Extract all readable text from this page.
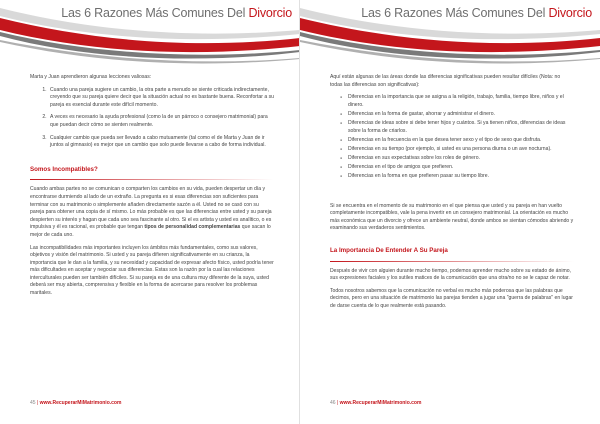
Las 6 Razones Más Comunes Del Divorcio

Marta y Juan aprendieron algunas lecciones valiosas:

1. Cuando una pareja sugiere un cambio, la otra parte a menudo se siente criticada indirectamente, creyendo que su pareja quiere decir que la situación actual no es bastante buena. Reconfortar a su pareja es esencial durante este difícil momento.
2. A veces es necesario la ayuda profesional (como la de un párroco o consejero matrimonial) para que puedan decir cómo se sienten realmente.
3. Cualquier cambio que pueda ser llevado a cabo mutuamente (tal como el de Marta y Juan de ir juntos al gimnasio) es mejor que un cambio que solo puede llevarse a cabo de forma individual.
Somos Incompatibles?

Cuando ambas partes no se comunican o comparten los cambios en su vida, pueden despertar un día y encontrarse durmiendo al lado de un extraño. La pregunta es si esas diferencias son suficientes para terminar con su matrimonio o simplemente añaden directamente sazón a él. Usted no se casó con su pareja para obtener una copia de sí mismo. Lo más probable es que las diferencias entre usted y su pareja despierten su interés y hagan que cada uno sea fascinante al otro. Si el es artista y usted es analítico, o es impulsiva y él es racional, es probable que tengan tipos de personalidad complementarias que sacan lo mejor de cada uno.

Las incompatibilidades más importantes incluyen los ámbitos más fundamentales, como sus valores, objetivos y visión del matrimonio. Si usted y su pareja difieren significativamente en su crianza, la importancia que le dan a la familia, y su necesidad y capacidad de expresar afecto físico, usted podría tener más dificultades en aceptar y negociar sus diferencias. Estas son la razón por la cual las relaciones interculturales pueden ser también difíciles. Si su pareja es de una cultura muy diferente de la suya, usted deberá ser muy abierta, comprensiva y flexible en la forma de acercarse para resolver los problemas maritales.

45 | www.RecuperarMiMatrimonio.com
Las 6 Razones Más Comunes Del Divorcio

Aquí están algunas de las áreas donde las diferencias significativas pueden resultar difíciles (Nota: no todas las diferencias son significativas):

● Diferencias en la importancia que se asigna a la religión, trabajo, familia, tiempo libre, niños y el dinero.
● Diferencias en la forma de gastar, ahorrar y administrar el dinero.
● Diferencias de ideas sobre si debe tener hijos y cuántos. Si ya tienen niños, diferencias de ideas sobre la forma de criarlos.
● Diferencias en la frecuencia en la que desea tener sexo y el tipo de sexo que disfruta.
● Diferencias en su tiempo (por ejemplo, si usted es una persona diurna o un ave nocturna).
● Diferencias en sus expectativas sobre los roles de género.
● Diferencias en el tipo de amigos que prefieren.
● Diferencias en la forma en que prefieren pasar su tiempo libre.

Si se encuentra en el momento de su matrimonio en el que piensa que usted y su pareja en han vuelto completamente incompatibles, vale la pena invertir en un consejero matrimonial. La orientación es mucho más económica que un divorcio y ofrece un ambiente neutral, donde ambos se sientan cómodos abriendo y examinando sus verdaderos sentimientos.

La Importancia De Entender A Su Pareja

Después de vivir con alguien durante mucho tiempo, podemos aprender mucho sobre su estado de ánimo, sus expresiones faciales y los sutiles matices de la comunicación que una otra/no no se le capaz de notar.

Todos nosotros sabemos que la comunicación no verbal es mucho más poderosa que las palabras que decimos, pero en una situación de matrimonio las parejas tienden a jugar una "guerra de palabras" en lugar de darse cuenta de lo que realmente está pasando.

46 | www.RecuperarMiMatrimonio.com
